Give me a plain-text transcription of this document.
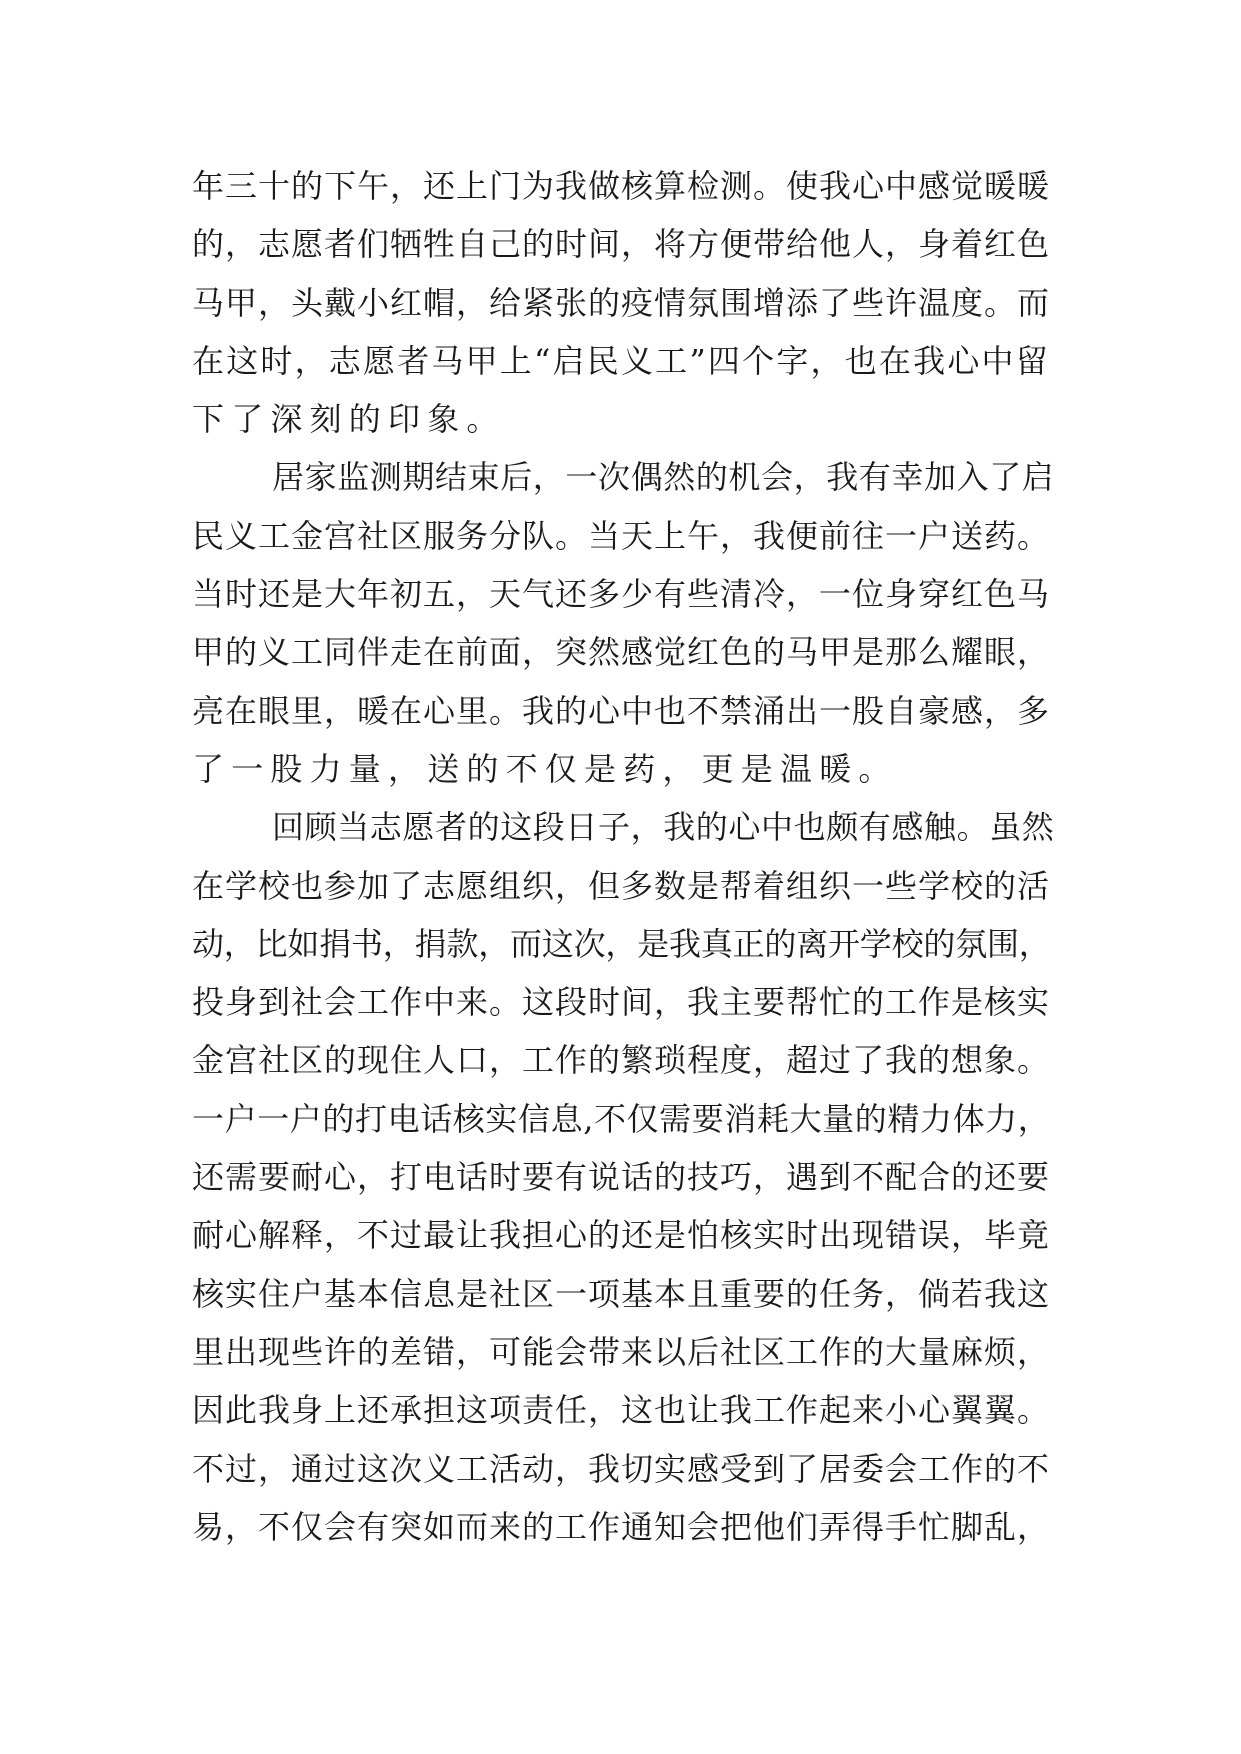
年三十的下午，还上门为我做核算检测。使我心中感觉暖暖
的，志愿者们牺牲自己的时间，将方便带给他人，身着红色
马甲，头戴小红帽，给紧张的疫情氛围增添了些许温度。而
在这时，志愿者马甲上“启民义工”四个字，也在我心中留
下了深刻的印象。
居家监测期结束后，一次偶然的机会，我有幸加入了启
民义工金宫社区服务分队。当天上午，我便前往一户送药。
当时还是大年初五，天气还多少有些清冷，一位身穿红色马
甲的义工同伴走在前面，突然感觉红色的马甲是那么耀眼，
亮在眼里，暖在心里。我的心中也不禁涌出一股自豪感，多
了一股力量，送的不仅是药，更是温暖。
回顾当志愿者的这段日子，我的心中也颇有感触。虽然
在学校也参加了志愿组织，但多数是帮着组织一些学校的活
动，比如捐书，捐款，而这次，是我真正的离开学校的氛围，
投身到社会工作中来。这段时间，我主要帮忙的工作是核实
金宫社区的现住人口，工作的繁琐程度，超过了我的想象。
一户一户的打电话核实信息,不仅需要消耗大量的精力体力，
还需要耐心，打电话时要有说话的技巧，遇到不配合的还要
耐心解释，不过最让我担心的还是怕核实时出现错误，毕竟
核实住户基本信息是社区一项基本且重要的任务，倘若我这
里出现些许的差错，可能会带来以后社区工作的大量麻烦，
因此我身上还承担这项责任，这也让我工作起来小心翼翼。
不过，通过这次义工活动，我切实感受到了居委会工作的不
易，不仅会有突如而来的工作通知会把他们弄得手忙脚乱，
